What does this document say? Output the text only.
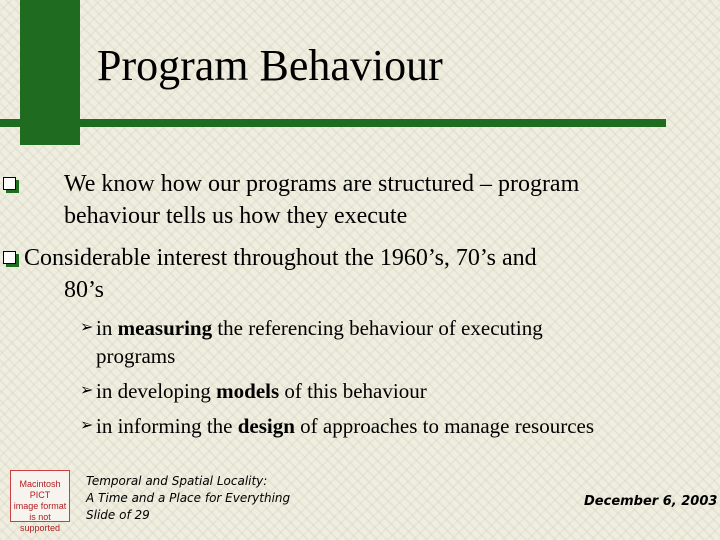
Program Behaviour
We know how our programs are structured – program
behaviour tells us how they execute
Considerable interest throughout the 1960’s, 70’s and
80’s
➢ in measuring the referencing behaviour of executing
programs
➢ in developing models of this behaviour
➢ in informing the design of approaches to manage resources
Macintosh PICT
image format
is not supported
Temporal and Spatial Locality:
A Time and a Place for Everything
Slide of 29
December 6, 2003
